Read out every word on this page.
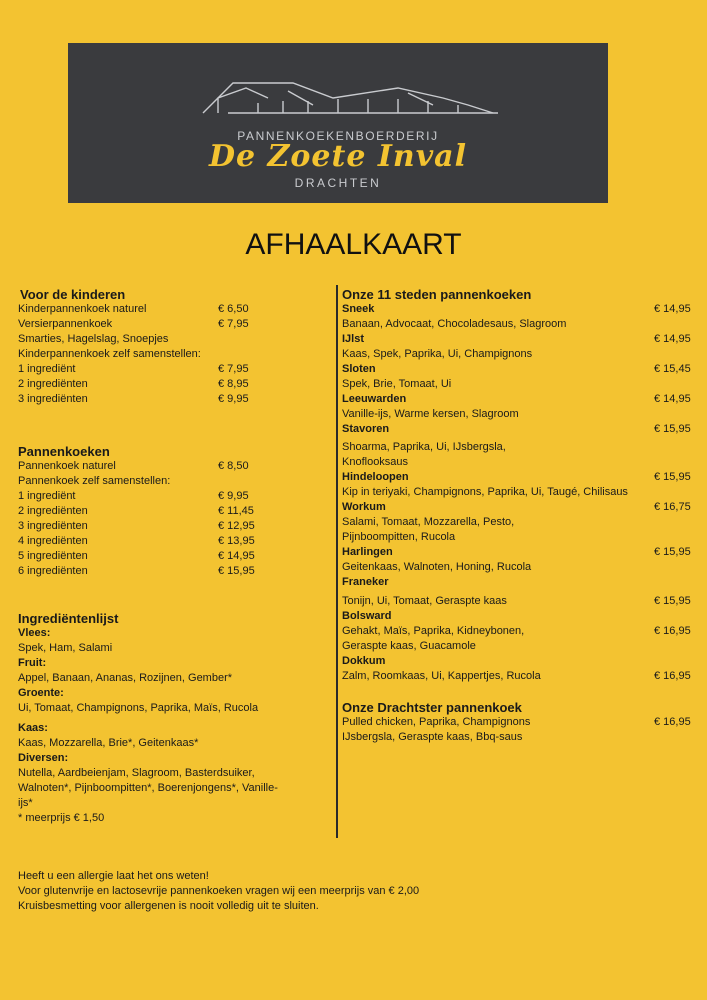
PANNENKOEKENBOERDERIJ
De Zoete Inval
DRACHTEN
AFHAALKAART
Voor de kinderen
Kinderpannenkoek naturel	€ 6,50
Versierpannenkoek	€ 7,95
Smarties, Hagelslag, Snoepjes
Kinderpannenkoek zelf samenstellen:
1 ingrediënt	€ 7,95
2 ingrediënten	€ 8,95
3 ingrediënten	€ 9,95
Pannenkoeken
Pannenkoek naturel	€ 8,50
Pannenkoek zelf samenstellen:
1 ingrediënt	€ 9,95
2 ingrediënten	€ 11,45
3 ingrediënten	€ 12,95
4 ingrediënten	€ 13,95
5 ingrediënten	€ 14,95
6 ingrediënten	€ 15,95
Ingrediëntenlijst
Vlees:
Spek, Ham, Salami
Fruit:
Appel, Banaan, Ananas, Rozijnen, Gember*
Groente:
Ui, Tomaat, Champignons, Paprika, Maïs, Rucola
Kaas:
Kaas, Mozzarella, Brie*, Geitenkaas*
Diversen:
Nutella, Aardbeienjam, Slagroom, Basterdsuiker, Walnoten*, Pijnboompitten*, Boerenjongens*, Vanille-ijs*
* meerprijs € 1,50
Onze 11 steden pannenkoeken
Sneek	€ 14,95
Banaan, Advocaat, Chocoladesaus, Slagroom
IJlst	€ 14,95
Kaas, Spek, Paprika, Ui, Champignons
Sloten	€ 15,45
Spek, Brie, Tomaat, Ui
Leeuwarden	€ 14,95
Vanille-ijs, Warme kersen, Slagroom
Stavoren	€ 15,95
Shoarma, Paprika, Ui, IJsbergsla, Knoflooksaus
Hindeloopen	€ 15,95
Kip in teriyaki, Champignons, Paprika, Ui, Taugé, Chilisaus
Workum	€ 16,75
Salami, Tomaat, Mozzarella, Pesto, Pijnboompitten, Rucola
Harlingen	€ 15,95
Geitenkaas, Walnoten, Honing, Rucola
Franeker
Tonijn, Ui, Tomaat, Geraspte kaas	€ 15,95
Bolsward
Gehakt, Maïs, Paprika, Kidneybonen, Geraspte kaas, Guacamole
€ 16,95
Dokkum
Zalm, Roomkaas, Ui, Kappertjes, Rucola	€ 16,95
Onze Drachtster pannenkoek
Pulled chicken, Paprika, Champignons IJsbergsla, Geraspte kaas, Bbq-saus
€ 16,95
Heeft u een allergie laat het ons weten!
Voor glutenvrije en lactosevrije pannenkoeken vragen wij een meerprijs van € 2,00
Kruisbesmetting voor allergenen is nooit volledig uit te sluiten.
